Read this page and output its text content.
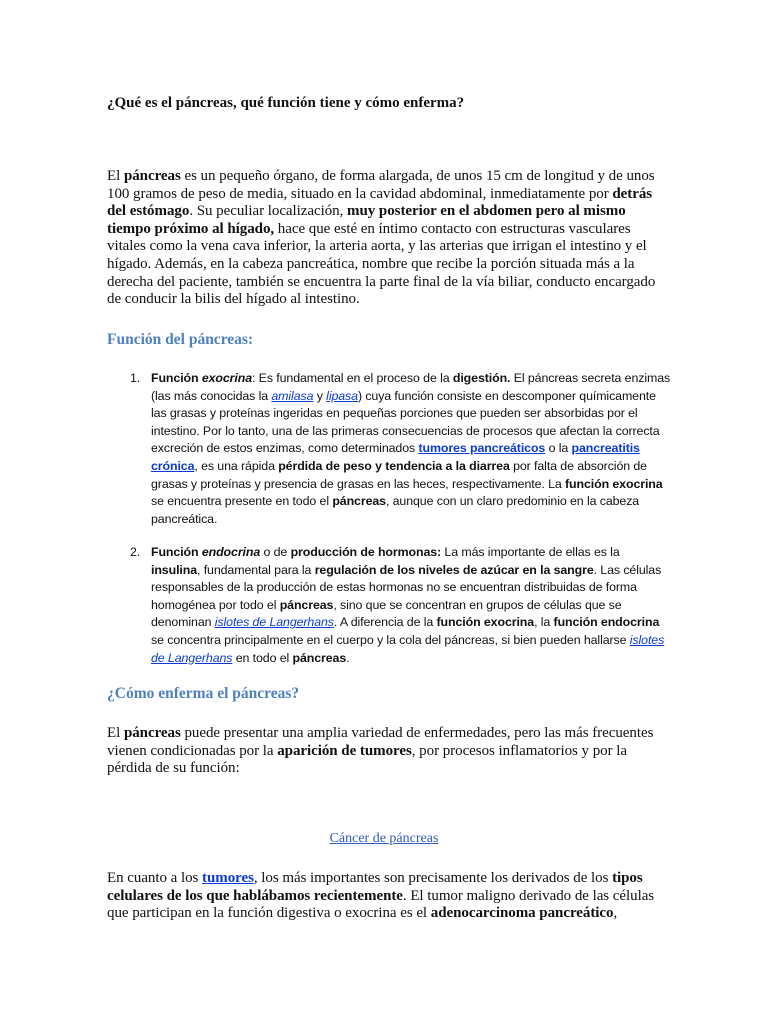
¿Qué es el páncreas, qué función tiene y cómo enferma?

El páncreas es un pequeño órgano, de forma alargada, de unos 15 cm de longitud y de unos 100 gramos de peso de media, situado en la cavidad abdominal, inmediatamente por detrás del estómago. Su peculiar localización, muy posterior en el abdomen pero al mismo tiempo próximo al hígado, hace que esté en íntimo contacto con estructuras vasculares vitales como la vena cava inferior, la arteria aorta, y las arterias que irrigan el intestino y el hígado. Además, en la cabeza pancreática, nombre que recibe la porción situada más a la derecha del paciente, también se encuentra la parte final de la vía biliar, conducto encargado de conducir la bilis del hígado al intestino.

Función del páncreas:
1. Función exocrina: Es fundamental en el proceso de la digestión. El páncreas secreta enzimas (las más conocidas la amilasa y lipasa) cuya función consiste en descomponer químicamente las grasas y proteínas ingeridas en pequeñas porciones que pueden ser absorbidas por el intestino. Por lo tanto, una de las primeras consecuencias de procesos que afectan la correcta excreción de estos enzimas, como determinados tumores pancreáticos o la pancreatitis crónica, es una rápida pérdida de peso y tendencia a la diarrea por falta de absorción de grasas y proteínas y presencia de grasas en las heces, respectivamente. La función exocrina se encuentra presente en todo el páncreas, aunque con un claro predominio en la cabeza pancreática.
2. Función endocrina o de producción de hormonas: La más importante de ellas es la insulina, fundamental para la regulación de los niveles de azúcar en la sangre. Las células responsables de la producción de estas hormonas no se encuentran distribuidas de forma homogénea por todo el páncreas, sino que se concentran en grupos de células que se denominan islotes de Langerhans. A diferencia de la función exocrina, la función endocrina se concentra principalmente en el cuerpo y la cola del páncreas, si bien pueden hallarse islotes de Langerhans en todo el páncreas.
¿Cómo enferma el páncreas?

El páncreas puede presentar una amplia variedad de enfermedades, pero las más frecuentes vienen condicionadas por la aparición de tumores, por procesos inflamatorios y por la pérdida de su función:

Cáncer de páncreas

En cuanto a los tumores, los más importantes son precisamente los derivados de los tipos celulares de los que hablábamos recientemente. El tumor maligno derivado de las células que participan en la función digestiva o exocrina es el adenocarcinoma pancreático,
